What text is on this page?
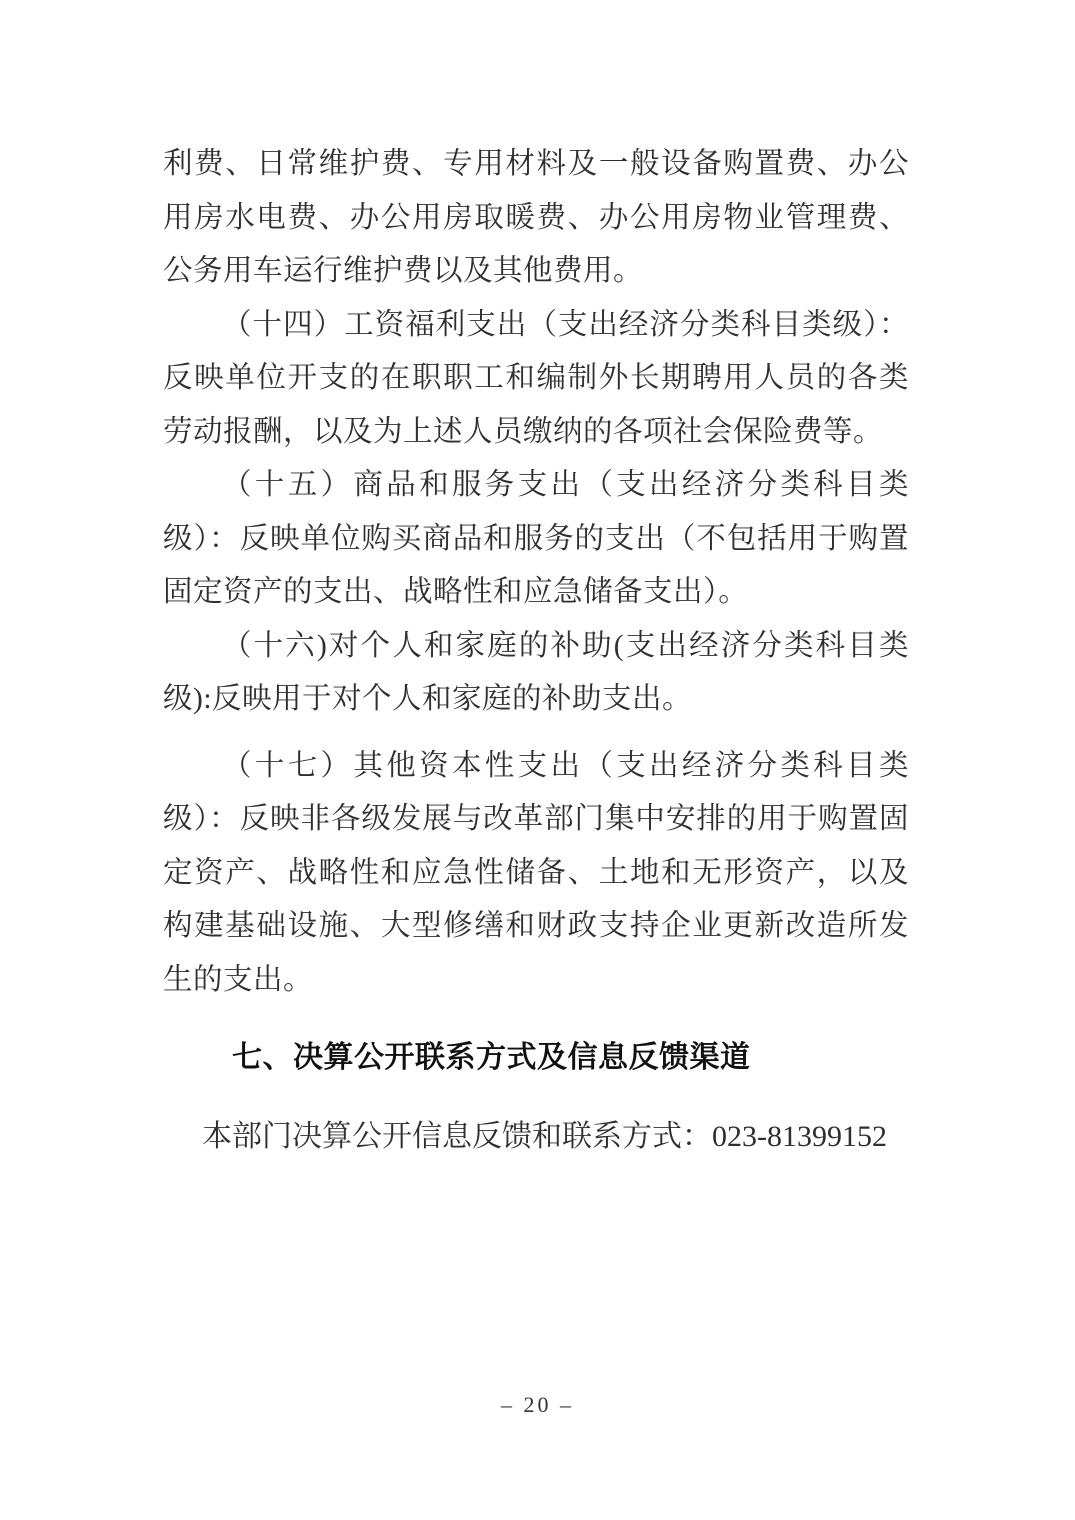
利费、日常维护费、专用材料及一般设备购置费、办公用房水电费、办公用房取暖费、办公用房物业管理费、公务用车运行维护费以及其他费用。

（十四）工资福利支出（支出经济分类科目类级）：反映单位开支的在职职工和编制外长期聘用人员的各类劳动报酬，以及为上述人员缴纳的各项社会保险费等。

（十五）商品和服务支出（支出经济分类科目类级）：反映单位购买商品和服务的支出（不包括用于购置固定资产的支出、战略性和应急储备支出）。

（十六)对个人和家庭的补助(支出经济分类科目类级):反映用于对个人和家庭的补助支出。

（十七）其他资本性支出（支出经济分类科目类级）：反映非各级发展与改革部门集中安排的用于购置固定资产、战略性和应急性储备、土地和无形资产，以及构建基础设施、大型修缮和财政支持企业更新改造所发生的支出。

七、决算公开联系方式及信息反馈渠道

本部门决算公开信息反馈和联系方式：023-81399152

– 20 –
